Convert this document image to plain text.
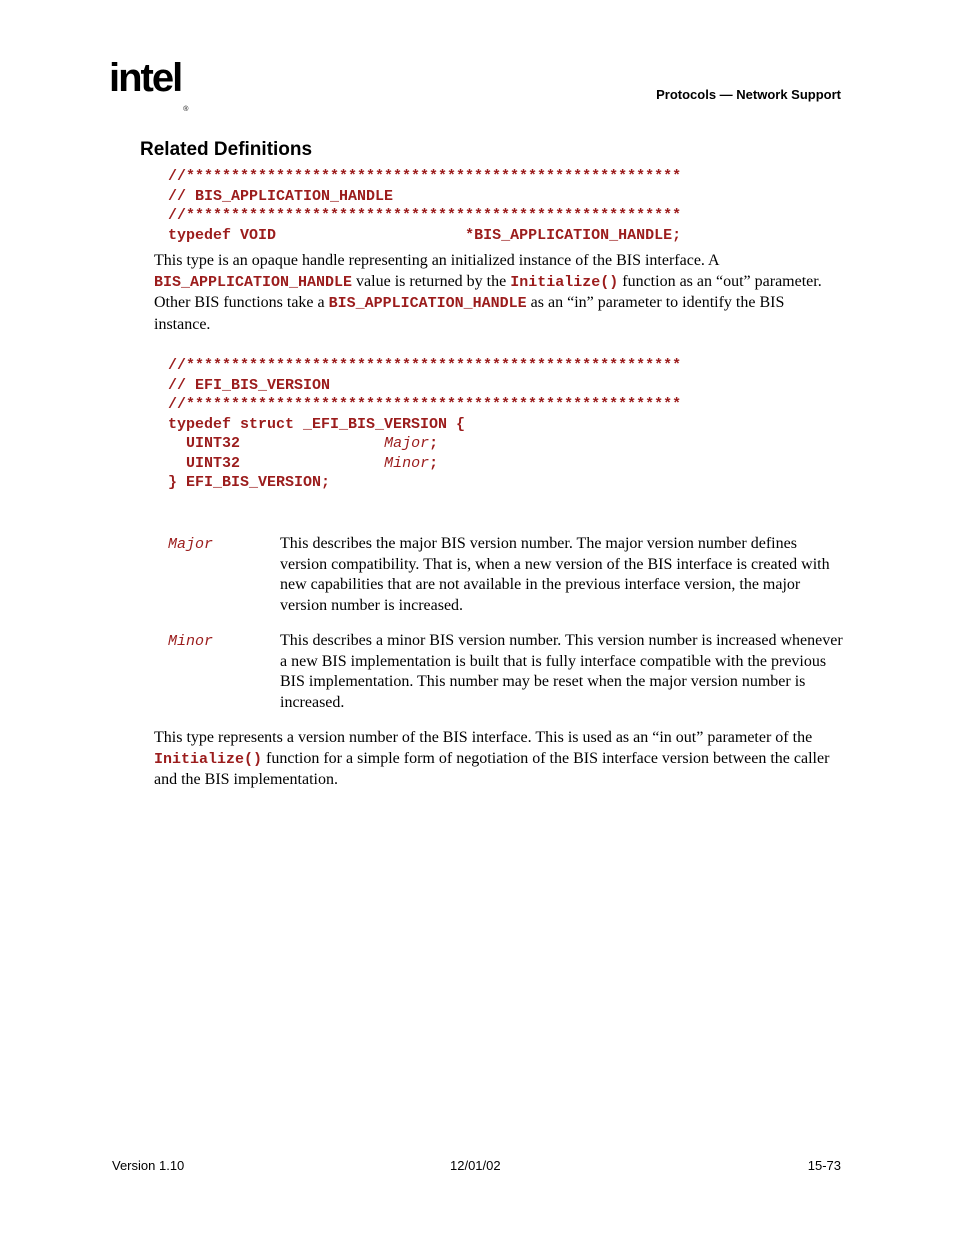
intel$_®$
Protocols — Network Support
Related Definitions
//*******************************************************
// BIS_APPLICATION_HANDLE
//*******************************************************
typedef VOID	*BIS_APPLICATION_HANDLE;
This type is an opaque handle representing an initialized instance of the BIS interface. A BIS_APPLICATION_HANDLE value is returned by the Initialize() function as an “out” parameter. Other BIS functions take a BIS_APPLICATION_HANDLE as an “in” parameter to identify the BIS instance.
//*******************************************************
// EFI_BIS_VERSION
//*******************************************************
typedef struct _EFI_BIS_VERSION {
UINT32	Major;
UINT32	Minor;
} EFI_BIS_VERSION;
Major	This describes the major BIS version number. The major version number defines version compatibility. That is, when a new version of the BIS interface is created with new capabilities that are not available in the previous interface version, the major version number is increased.
Minor	This describes a minor BIS version number. This version number is increased whenever a new BIS implementation is built that is fully interface compatible with the previous BIS implementation. This number may be reset when the major version number is increased.
This type represents a version number of the BIS interface. This is used as an “in out” parameter of the Initialize() function for a simple form of negotiation of the BIS interface version between the caller and the BIS implementation.
Version 1.10	12/01/02	15-73
